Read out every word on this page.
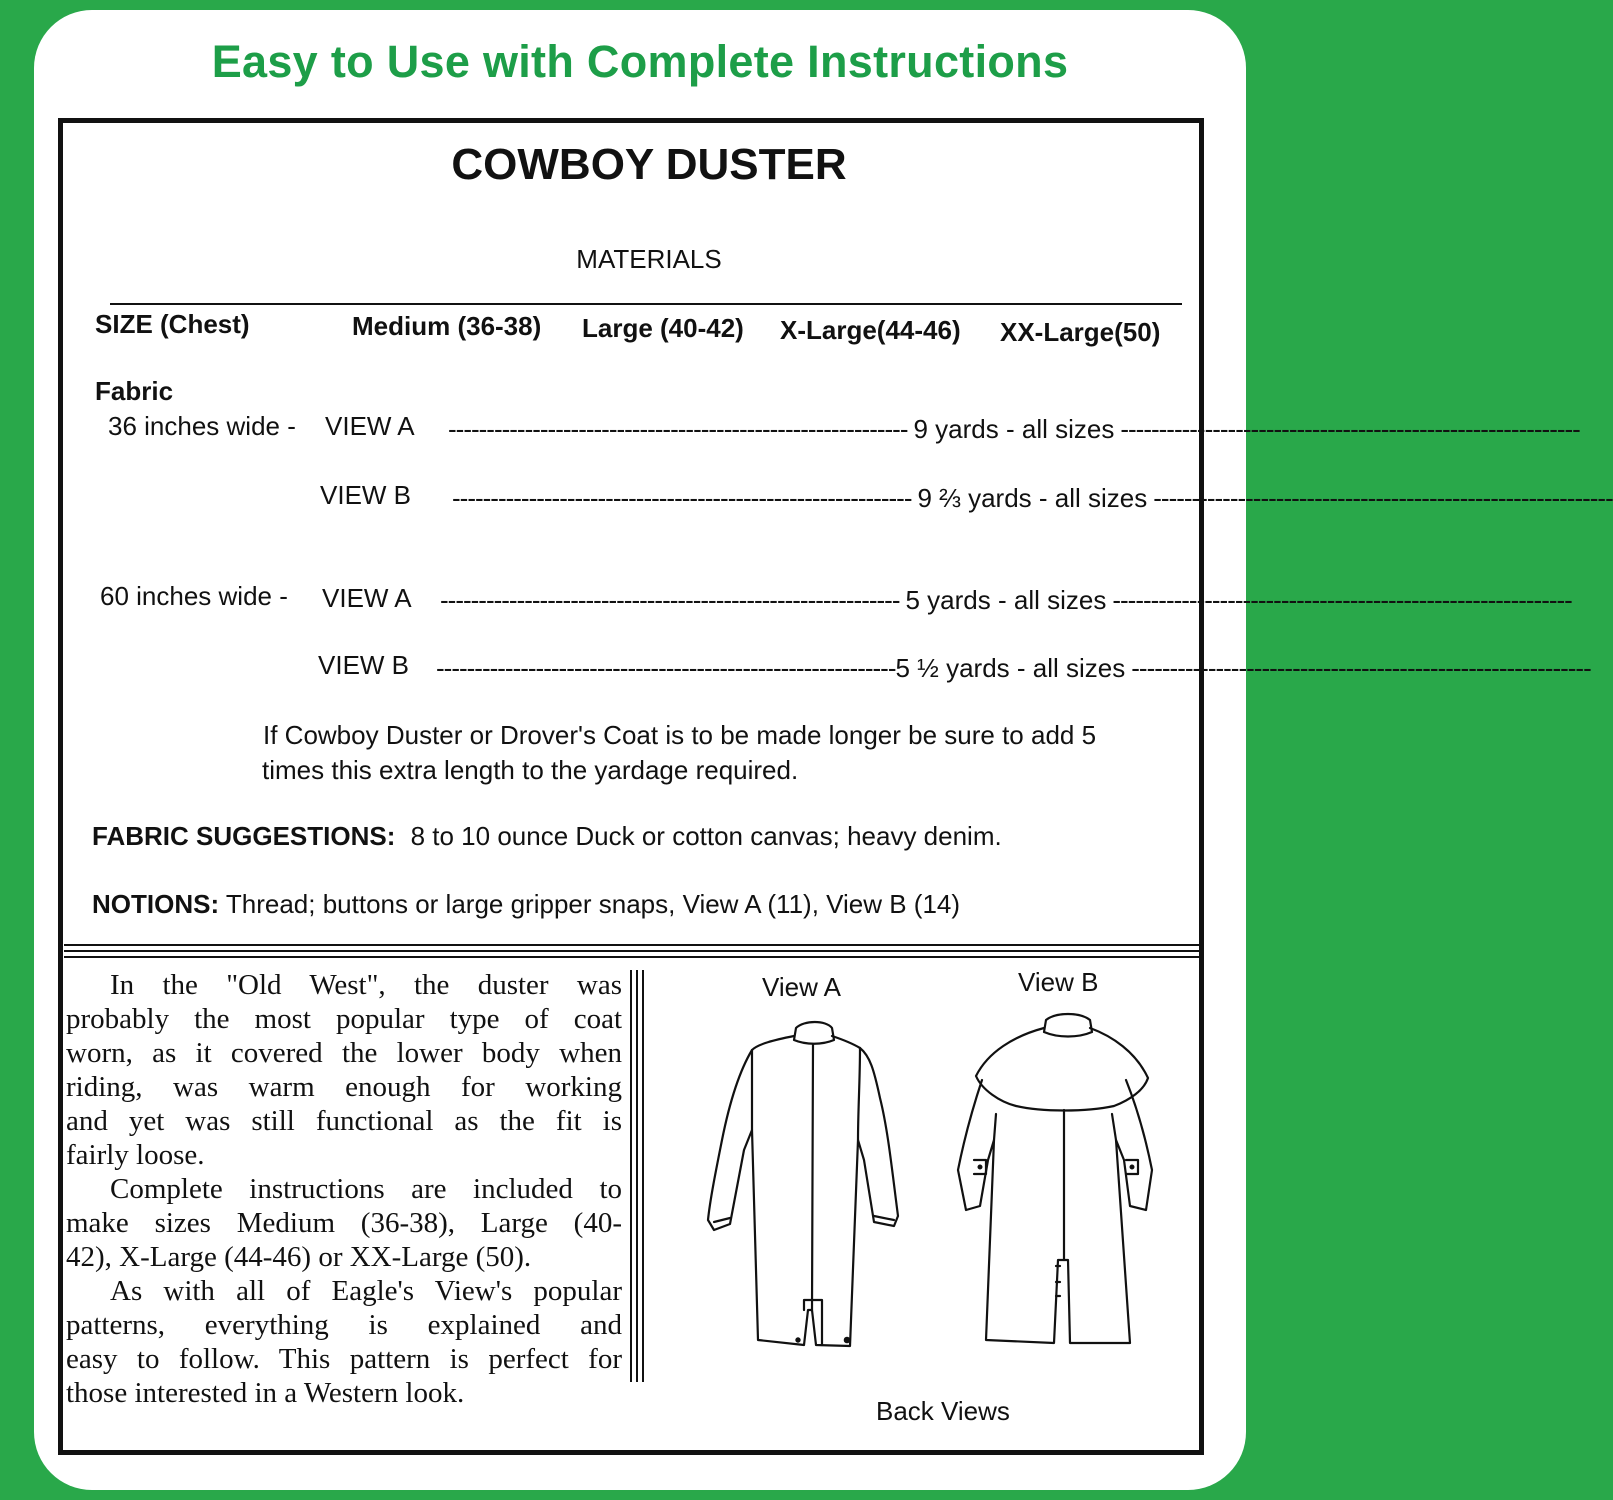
Easy to Use with Complete Instructions
COWBOY DUSTER
MATERIALS
SIZE (Chest)	Medium (36-38) Large (40-42) X-Large(44-46) XX-Large(50)
Fabric
36 inches wide - VIEW A ------------------------------------------------------------ 9 yards - all sizes ------------------------------------------------------------
VIEW B ------------------------------------------------------------ 9 ⅔ yards - all sizes ------------------------------------------------------------
60 inches wide - VIEW A ------------------------------------------------------------ 5 yards - all sizes ------------------------------------------------------------
VIEW B ------------------------------------------------------------ 5 ½ yards - all sizes ------------------------------------------------------------
If Cowboy Duster or Drover's Coat is to be made longer be sure to add 5
times this extra length to the yardage required.
FABRIC SUGGESTIONS: 8 to 10 ounce Duck or cotton canvas; heavy denim.
NOTIONS: Thread; buttons or large gripper snaps, View A (11), View B (14)
In the "Old West", the duster was
probably the most popular type of coat
worn, as it covered the lower body when
riding, was warm enough for working
and yet was still functional as the fit is
fairly loose.
Complete instructions are included to
make sizes Medium (36-38), Large (40-
42), X-Large (44-46) or XX-Large (50).
As with all of Eagle's View's popular
patterns, everything is explained and
easy to follow. This pattern is perfect for
those interested in a Western look.
View A	View B
Back Views
